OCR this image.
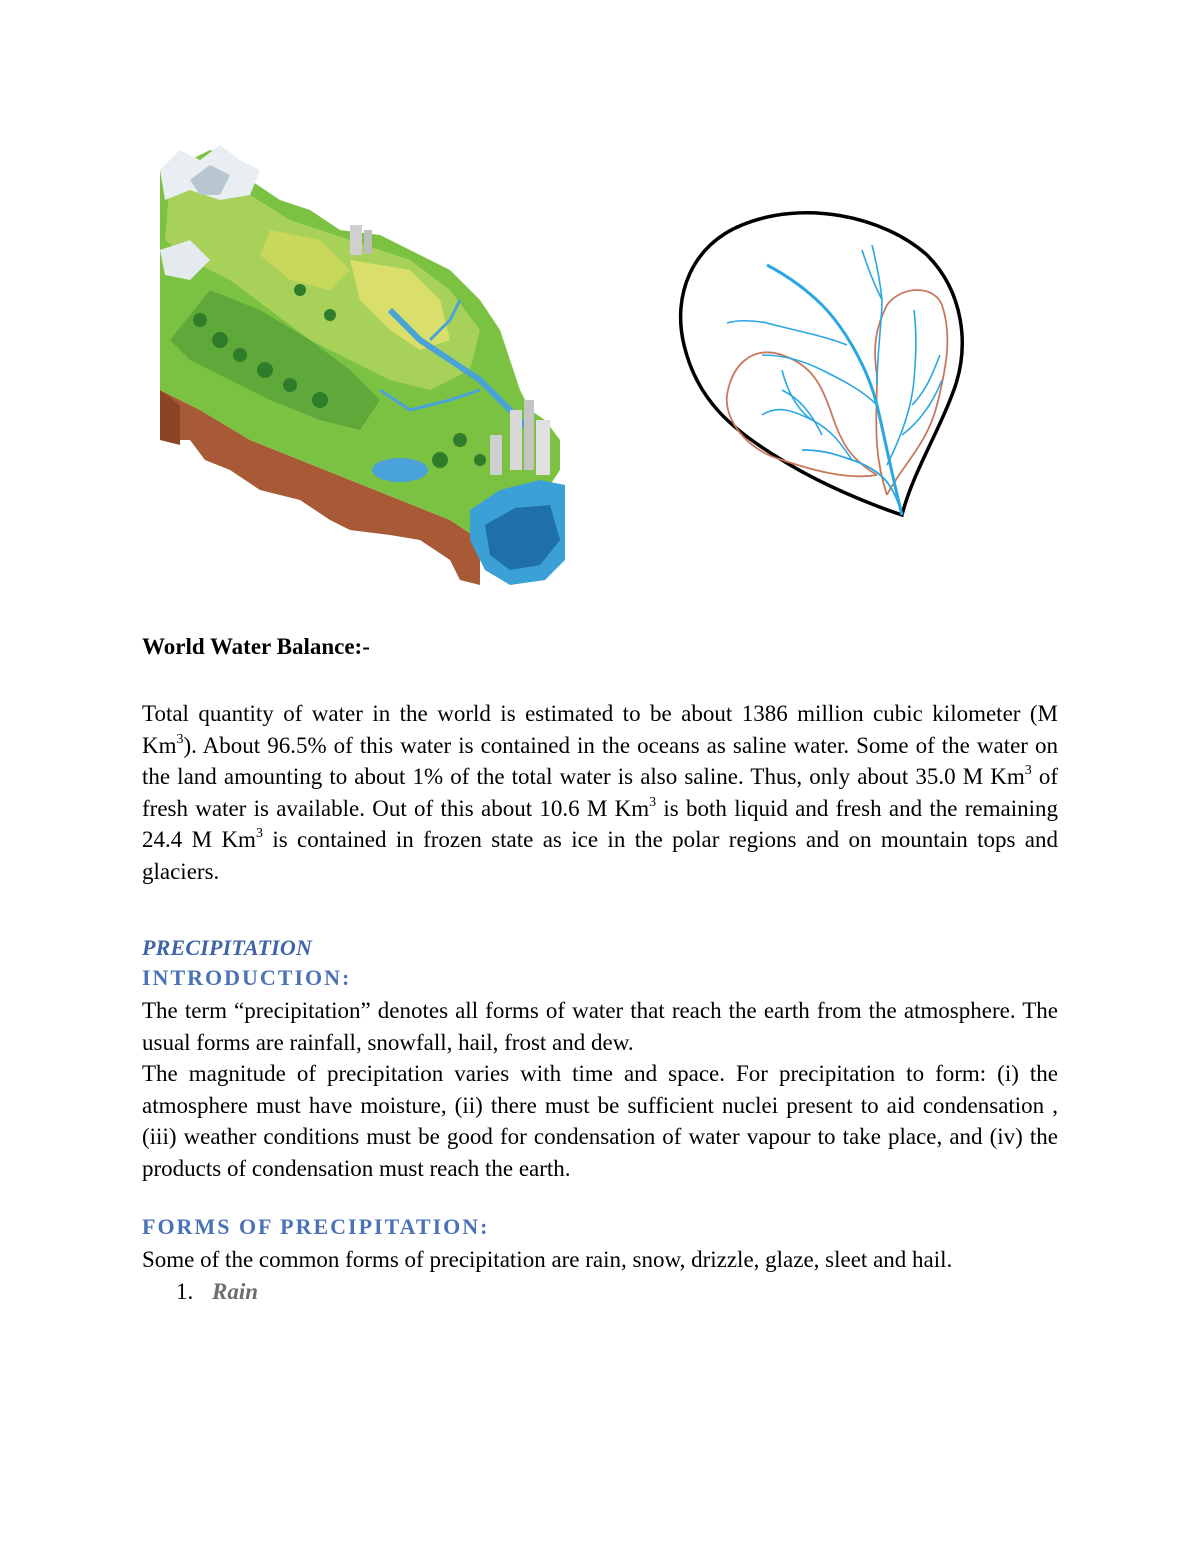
World Water Balance:-

Total quantity of water in the world is estimated to be about 1386 million cubic kilometer (M Km$^3$). About 96.5% of this water is contained in the oceans as saline water. Some of the water on the land amounting to about 1% of the total water is also saline. Thus, only about 35.0 M Km$^3$ of fresh water is available. Out of this about 10.6 M Km$^3$ is both liquid and fresh and the remaining 24.4 M Km$^3$ is contained in frozen state as ice in the polar regions and on mountain tops and glaciers.

PRECIPITATION

INTRODUCTION:

The term “precipitation” denotes all forms of water that reach the earth from the atmosphere. The usual forms are rainfall, snowfall, hail, frost and dew.

The magnitude of precipitation varies with time and space. For precipitation to form: (i) the atmosphere must have moisture, (ii) there must be sufficient nuclei present to aid condensation , (iii) weather conditions must be good for condensation of water vapour to take place, and (iv) the products of condensation must reach the earth.

FORMS OF PRECIPITATION:

Some of the common forms of precipitation are rain, snow, drizzle, glaze, sleet and hail.

1. Rain
